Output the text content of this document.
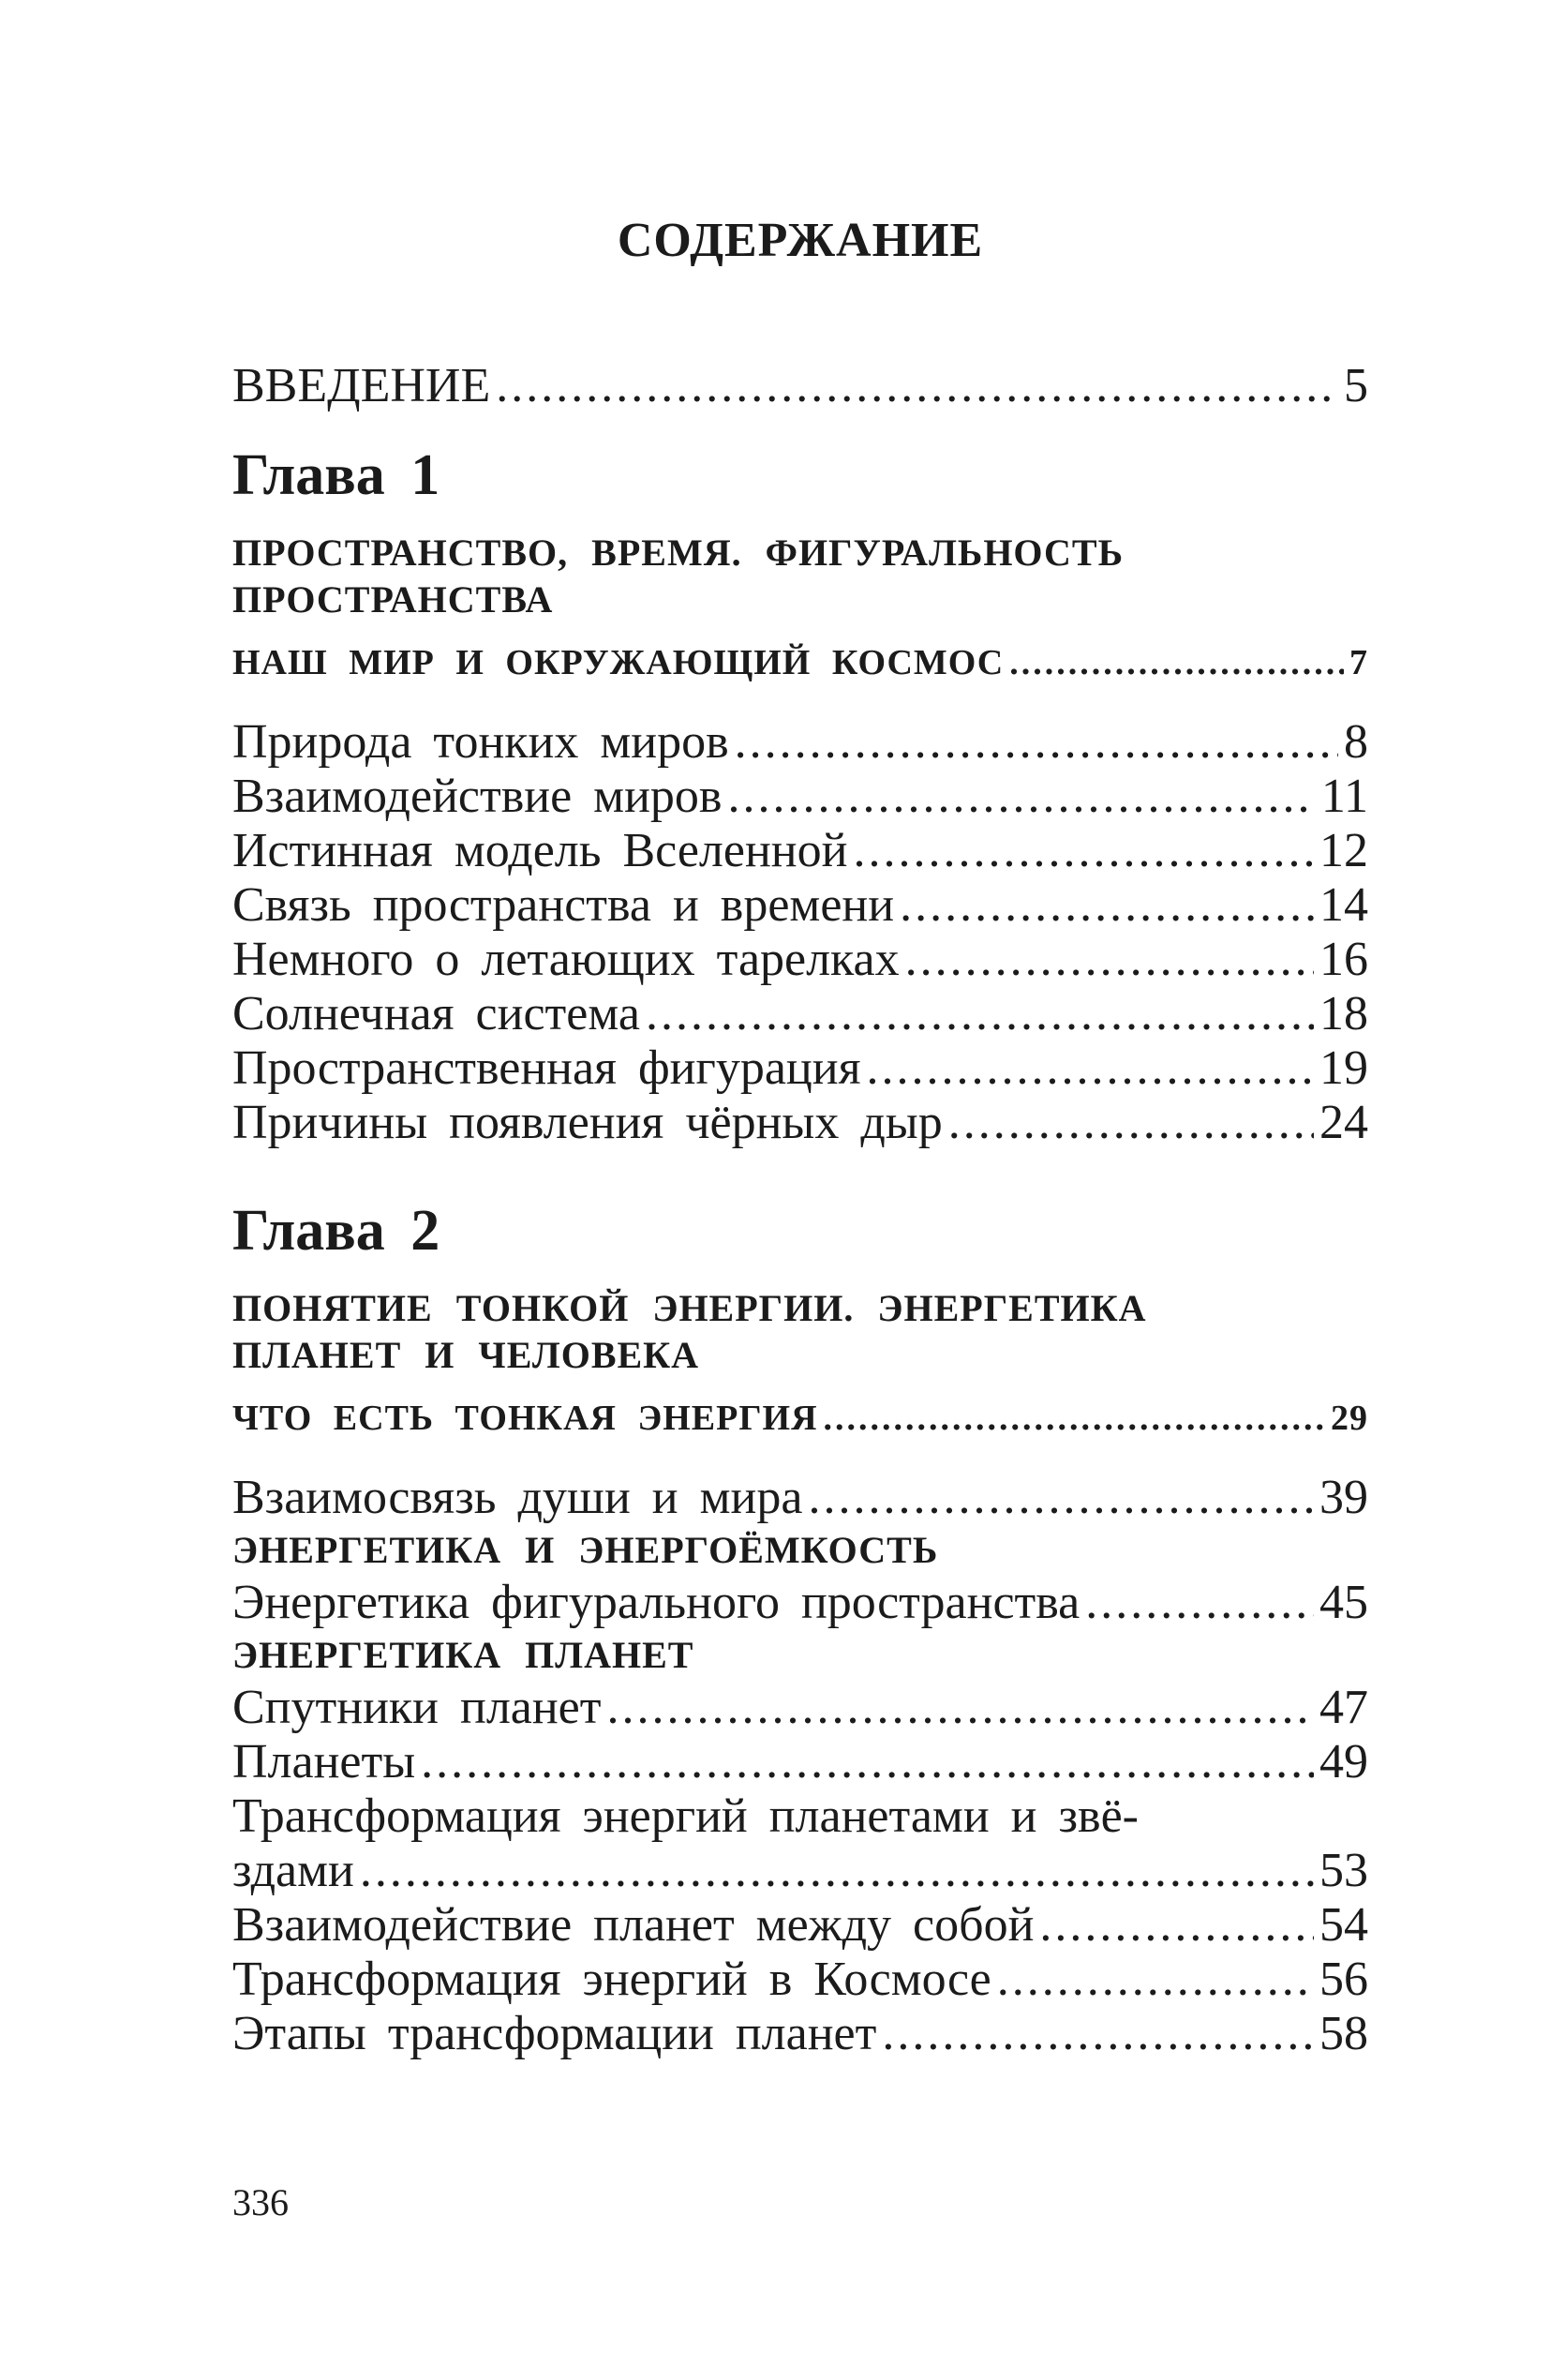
СОДЕРЖАНИЕ
ВВЕДЕНИЕ .....	5
Глава 1
ПРОСТРАНСТВО, ВРЕМЯ. ФИГУРАЛЬНОСТЬ
ПРОСТРАНСТВА
НАШ МИР И ОКРУЖАЮЩИЙ КОСМОС .....	7
Природа тонких миров .....	8
Взаимодействие миров .....	11
Истинная модель Вселенной .....	12
Связь пространства и времени .....	14
Немного о летающих тарелках .....	16
Солнечная система .....	18
Пространственная фигурация .....	19
Причины появления чёрных дыр .....	24
Глава 2
ПОНЯТИЕ ТОНКОЙ ЭНЕРГИИ. ЭНЕРГЕТИКА
ПЛАНЕТ И ЧЕЛОВЕКА
ЧТО ЕСТЬ ТОНКАЯ ЭНЕРГИЯ .....	29
Взаимосвязь души и мира .....	39
ЭНЕРГЕТИКА И ЭНЕРГОЁМКОСТЬ
Энергетика фигурального пространства .....	45
ЭНЕРГЕТИКА ПЛАНЕТ
Спутники планет .....	47
Планеты .....	49
Трансформация энергий планетами и звё-
здами .....	53
Взаимодействие планет между собой .....	54
Трансформация энергий в Космосе .....	56
Этапы трансформации планет .....	58
336
